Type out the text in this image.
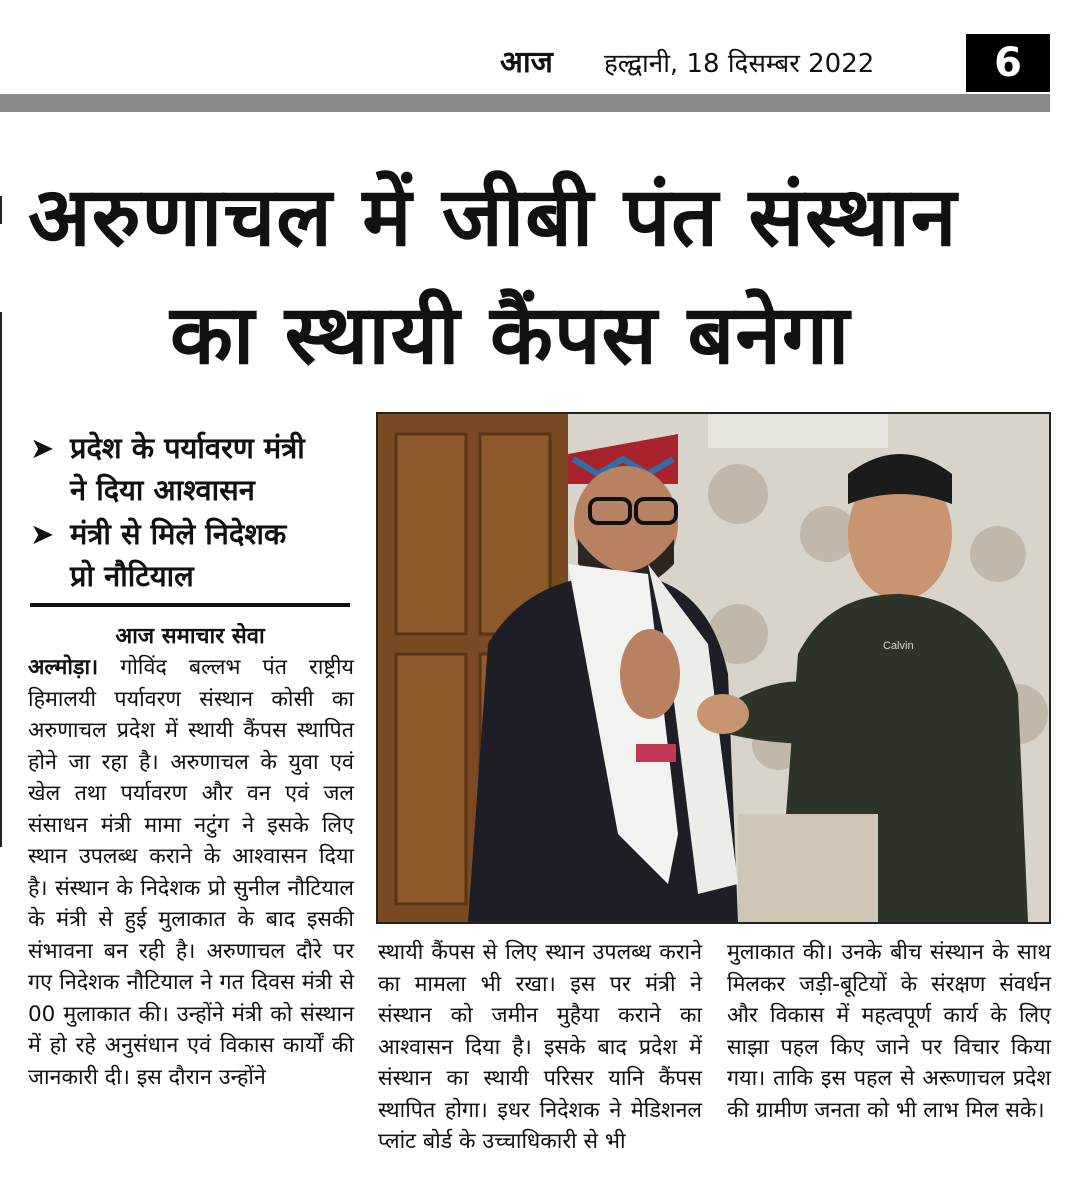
आज हल्द्वानी, 18 दिसम्बर 2022	6
अरुणाचल में जीबी पंत संस्थान
का स्थायी कैंपस बनेगा
➤ प्रदेश के पर्यावरण मंत्री
ने दिया आश्वासन
➤ मंत्री से मिले निदेशक
प्रो नौटियाल
आज समाचार सेवा
अल्मोड़ा। गोविंद बल्लभ पंत राष्ट्रीय हिमालयी पर्यावरण संस्थान कोसी का अरुणाचल प्रदेश में स्थायी कैंपस स्थापित होने जा रहा है। अरुणाचल के युवा एवं खेल तथा पर्यावरण और वन एवं जल संसाधन मंत्री मामा नटुंग ने इसके लिए स्थान उपलब्ध कराने के आश्वासन दिया है। संस्थान के निदेशक प्रो सुनील नौटियाल के मंत्री से हुई मुलाकात के बाद इसकी संभावना बन रही है। अरुणाचल दौरे पर गए निदेशक नौटियाल ने गत दिवस मंत्री से 00 मुलाकात की। उन्होंने मंत्री को संस्थान में हो रहे अनुसंधान एवं विकास कार्यों की जानकारी दी। इस दौरान उन्होंने
स्थायी कैंपस से लिए स्थान उपलब्ध कराने का मामला भी रखा। इस पर मंत्री ने संस्थान को जमीन मुहैया कराने का आश्वासन दिया है। इसके बाद प्रदेश में संस्थान का स्थायी परिसर यानि कैंपस स्थापित होगा। इधर निदेशक ने मेडिशनल प्लांट बोर्ड के उच्चाधिकारी से भी
मुलाकात की। उनके बीच संस्थान के साथ मिलकर जड़ी-बूटियों के संरक्षण संवर्धन और विकास में महत्वपूर्ण कार्य के लिए साझा पहल किए जाने पर विचार किया गया। ताकि इस पहल से अरूणाचल प्रदेश की ग्रामीण जनता को भी लाभ मिल सके।
Calvin
